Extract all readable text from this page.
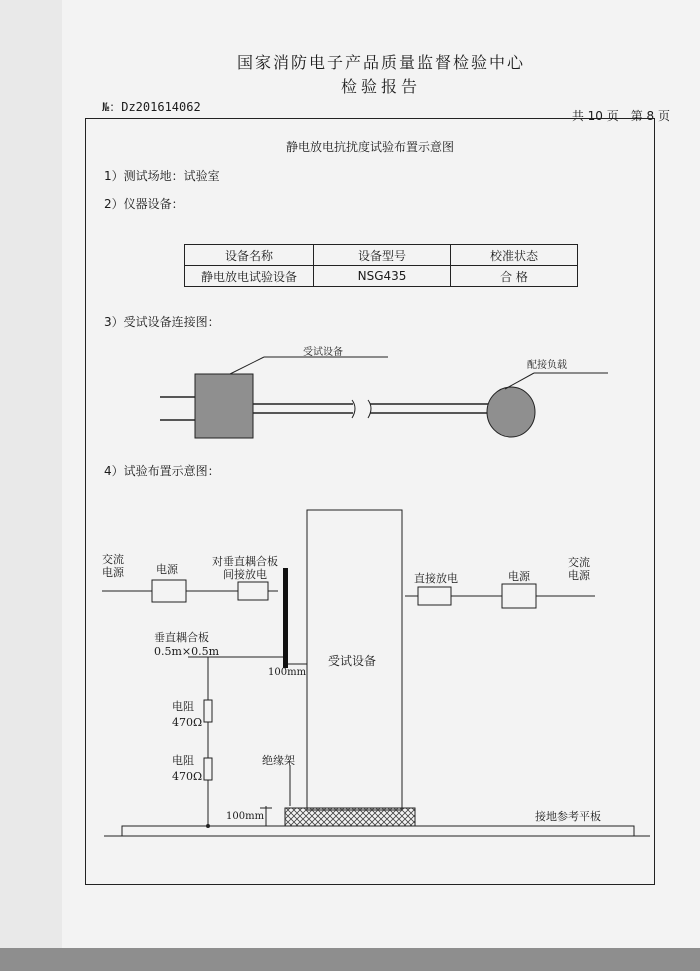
国家消防电子产品质量监督检验中心
检验报告
№：Dz201614062
共 10 页　第 8 页
静电放电抗扰度试验布置示意图
1）测试场地：试验室
2）仪器设备：
设备名称	设备型号	校准状态
静电放电试验设备	NSG435	合 格
3）受试设备连接图：
4）试验布置示意图：
受试设备
配接负载
交流
电源	电源
对垂直耦合板
间接放电
垂直耦合板
0.5m×0.5m
100mm
受试设备
电阻
470Ω
电阻
470Ω
绝缘架
100mm
直接放电	电源
交流
电源
接地参考平板
